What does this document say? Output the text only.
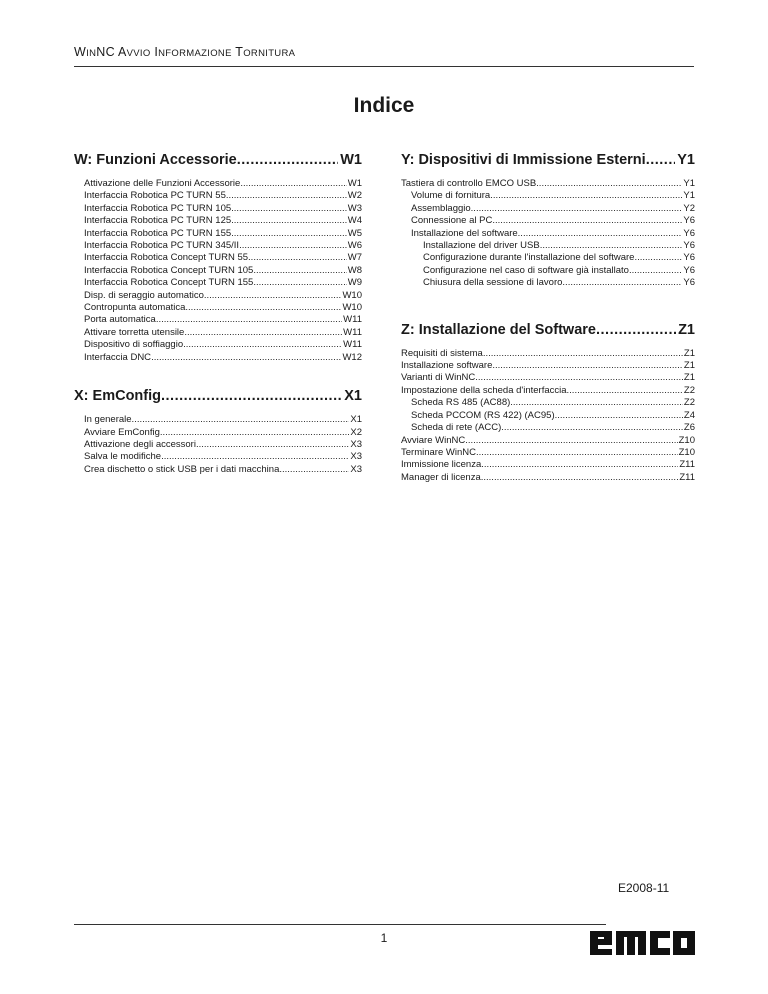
WINNC AVVIO INFORMAZIONE TORNITURA
Indice
W: Funzioni Accessorie .....	W1
Attivazione delle Funzioni Accessorie .....	W1
Interfaccia Robotica PC TURN 55 .....	W2
Interfaccia Robotica PC TURN 105 .....	W3
Interfaccia Robotica PC TURN 125 .....	W4
Interfaccia Robotica PC TURN 155 .....	W5
Interfaccia Robotica PC TURN 345/II .....	W6
Interfaccia Robotica Concept TURN 55 .....	W7
Interfaccia Robotica Concept TURN 105 .....	W8
Interfaccia Robotica Concept TURN 155 .....	W9
Disp. di seraggio automatico .....	W10
Contropunta automatica .....	W10
Porta automatica .....	W11
Attivare torretta utensile .....	W11
Dispositivo di soffiaggio .....	W11
Interfaccia DNC .....	W12
X: EmConfig .....	X1
In generale .....	X1
Avviare EmConfig .....	X2
Attivazione degli accessori .....	X3
Salva le modifiche .....	X3
Crea dischetto o stick USB per i dati macchina .....	X3
Y: Dispositivi di Immissione Esterni ..... Y1
Tastiera di controllo EMCO USB .....	Y1
Volume di fornitura .....	Y1
Assemblaggio .....	Y2
Connessione al PC .....	Y6
Installazione del software .....	Y6
Installazione del driver USB .....	Y6
Configurazione durante l'installazione del software .....	Y6
Configurazione nel caso di software già installato .....	Y6
Chiusura della sessione di lavoro .....	Y6
Z: Installazione del Software .....	Z1
Requisiti di sistema .....	Z1
Installazione software .....	Z1
Varianti di WinNC .....	Z1
Impostazione della scheda d'interfaccia .....	Z2
Scheda RS 485 (AC88) .....	Z2
Scheda PCCOM (RS 422) (AC95) .....	Z4
Scheda di rete (ACC) .....	Z6
Avviare WinNC .....	Z10
Terminare WinNC .....	Z10
Immissione licenza .....	Z11
Manager di licenza .....	Z11
E2008-11
1
